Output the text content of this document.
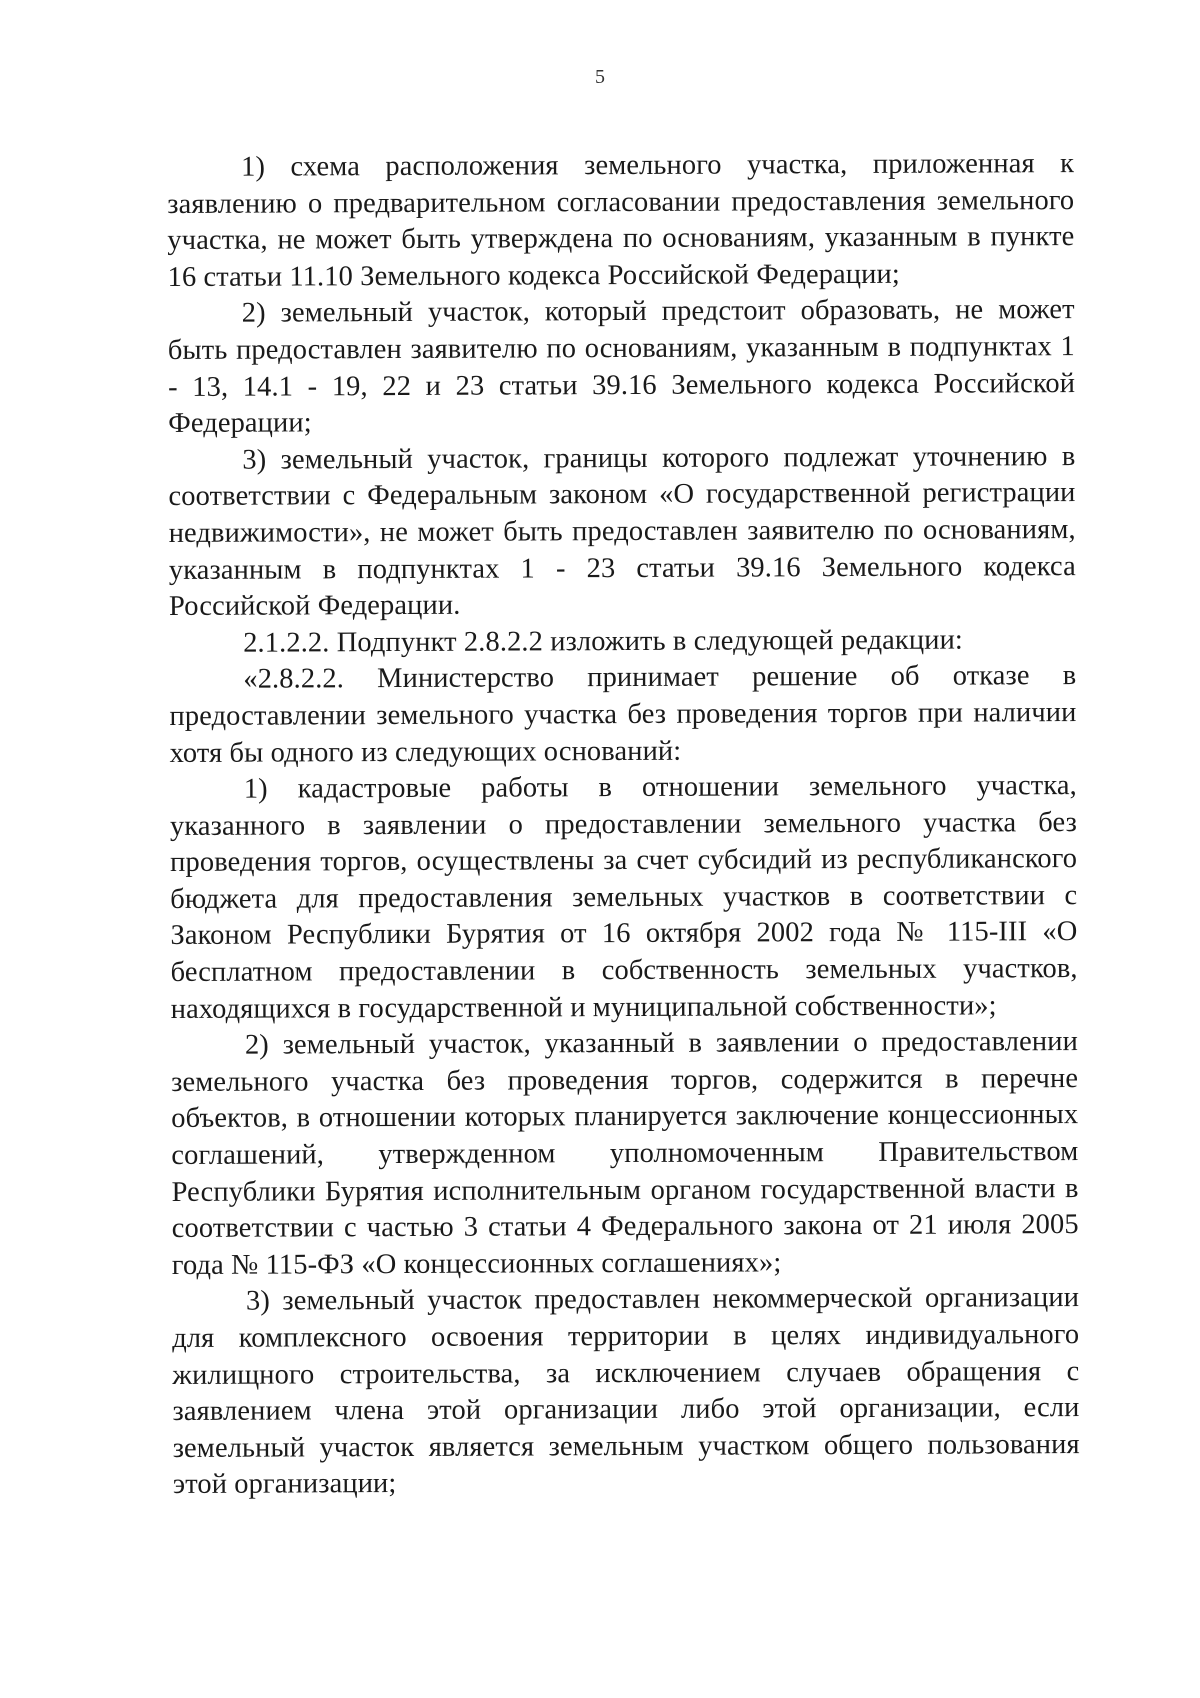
5

1) схема расположения земельного участка, приложенная к заявлению о предварительном согласовании предоставления земельного участка, не может быть утверждена по основаниям, указанным в пункте 16 статьи 11.10 Земельного кодекса Российской Федерации;

2) земельный участок, который предстоит образовать, не может быть предоставлен заявителю по основаниям, указанным в подпунктах 1 - 13, 14.1 - 19, 22 и 23 статьи 39.16 Земельного кодекса Российской Федерации;

3) земельный участок, границы которого подлежат уточнению в соответствии с Федеральным законом «О государственной регистрации недвижимости», не может быть предоставлен заявителю по основаниям, указанным в подпунктах 1 - 23 статьи 39.16 Земельного кодекса Российской Федерации.

2.1.2.2. Подпункт 2.8.2.2 изложить в следующей редакции:

«2.8.2.2. Министерство принимает решение об отказе в предоставлении земельного участка без проведения торгов при наличии хотя бы одного из следующих оснований:

1) кадастровые работы в отношении земельного участка, указанного в заявлении о предоставлении земельного участка без проведения торгов, осуществлены за счет субсидий из республиканского бюджета для предоставления земельных участков в соответствии с Законом Республики Бурятия от 16 октября 2002 года № 115-III «О бесплатном предоставлении в собственность земельных участков, находящихся в государственной и муниципальной собственности»;

2) земельный участок, указанный в заявлении о предоставлении земельного участка без проведения торгов, содержится в перечне объектов, в отношении которых планируется заключение концессионных соглашений, утвержденном уполномоченным Правительством Республики Бурятия исполнительным органом государственной власти в соответствии с частью 3 статьи 4 Федерального закона от 21 июля 2005 года № 115-ФЗ «О концессионных соглашениях»;

3) земельный участок предоставлен некоммерческой организации для комплексного освоения территории в целях индивидуального жилищного строительства, за исключением случаев обращения с заявлением члена этой организации либо этой организации, если земельный участок является земельным участком общего пользования этой организации;
